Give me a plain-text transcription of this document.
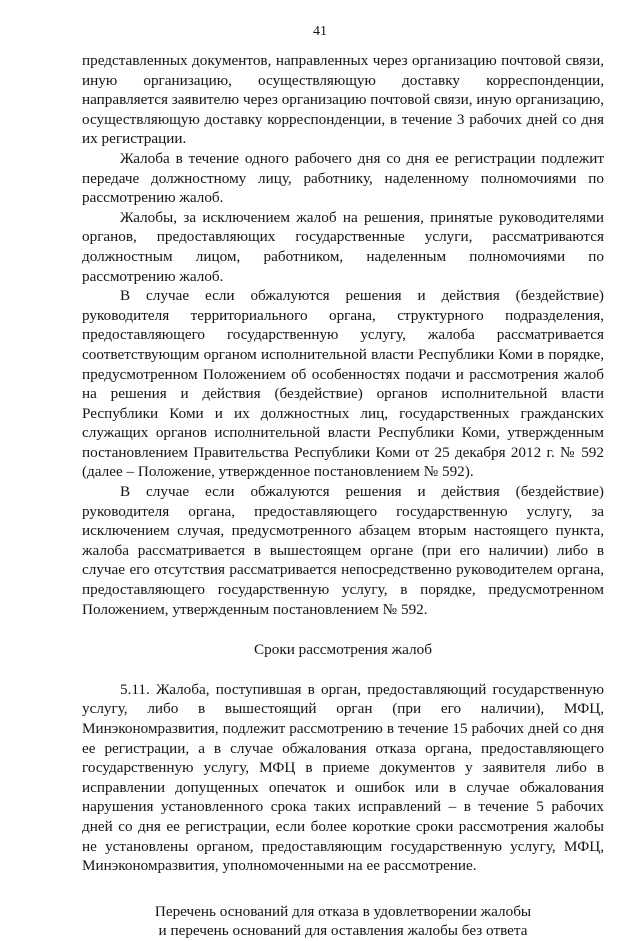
41

представленных документов, направленных через организацию почтовой связи, иную организацию, осуществляющую доставку корреспонденции, направляется заявителю через организацию почтовой связи, иную организацию, осуществляющую доставку корреспонденции, в течение 3 рабочих дней со дня их регистрации.

Жалоба в течение одного рабочего дня со дня ее регистрации подлежит передаче должностному лицу, работнику, наделенному полномочиями по рассмотрению жалоб.

Жалобы, за исключением жалоб на решения, принятые руководителями органов, предоставляющих государственные услуги, рассматриваются должностным лицом, работником, наделенным полномочиями по рассмотрению жалоб.

В случае если обжалуются решения и действия (бездействие) руководителя территориального органа, структурного подразделения, предоставляющего государственную услугу, жалоба рассматривается соответствующим органом исполнительной власти Республики Коми в порядке, предусмотренном Положением об особенностях подачи и рассмотрения жалоб на решения и действия (бездействие) органов исполнительной власти Республики Коми и их должностных лиц, государственных гражданских служащих органов исполнительной власти Республики Коми, утвержденным постановлением Правительства Республики Коми от 25 декабря 2012 г. № 592 (далее – Положение, утвержденное постановлением № 592).

В случае если обжалуются решения и действия (бездействие) руководителя органа, предоставляющего государственную услугу, за исключением случая, предусмотренного абзацем вторым настоящего пункта, жалоба рассматривается в вышестоящем органе (при его наличии) либо в случае его отсутствия рассматривается непосредственно руководителем органа, предоставляющего государственную услугу, в порядке, предусмотренном Положением, утвержденным постановлением № 592.

Сроки рассмотрения жалоб

5.11. Жалоба, поступившая в орган, предоставляющий государственную услугу, либо в вышестоящий орган (при его наличии), МФЦ, Минэкономразвития, подлежит рассмотрению в течение 15 рабочих дней со дня ее регистрации, а в случае обжалования отказа органа, предоставляющего государственную услугу, МФЦ в приеме документов у заявителя либо в исправлении допущенных опечаток и ошибок или в случае обжалования нарушения установленного срока таких исправлений – в течение 5 рабочих дней со дня ее регистрации, если более короткие сроки рассмотрения жалобы не установлены органом, предоставляющим государственную услугу, МФЦ, Минэкономразвития, уполномоченными на ее рассмотрение.

Перечень оснований для отказа в удовлетворении жалобы

и перечень оснований для оставления жалобы без ответа
